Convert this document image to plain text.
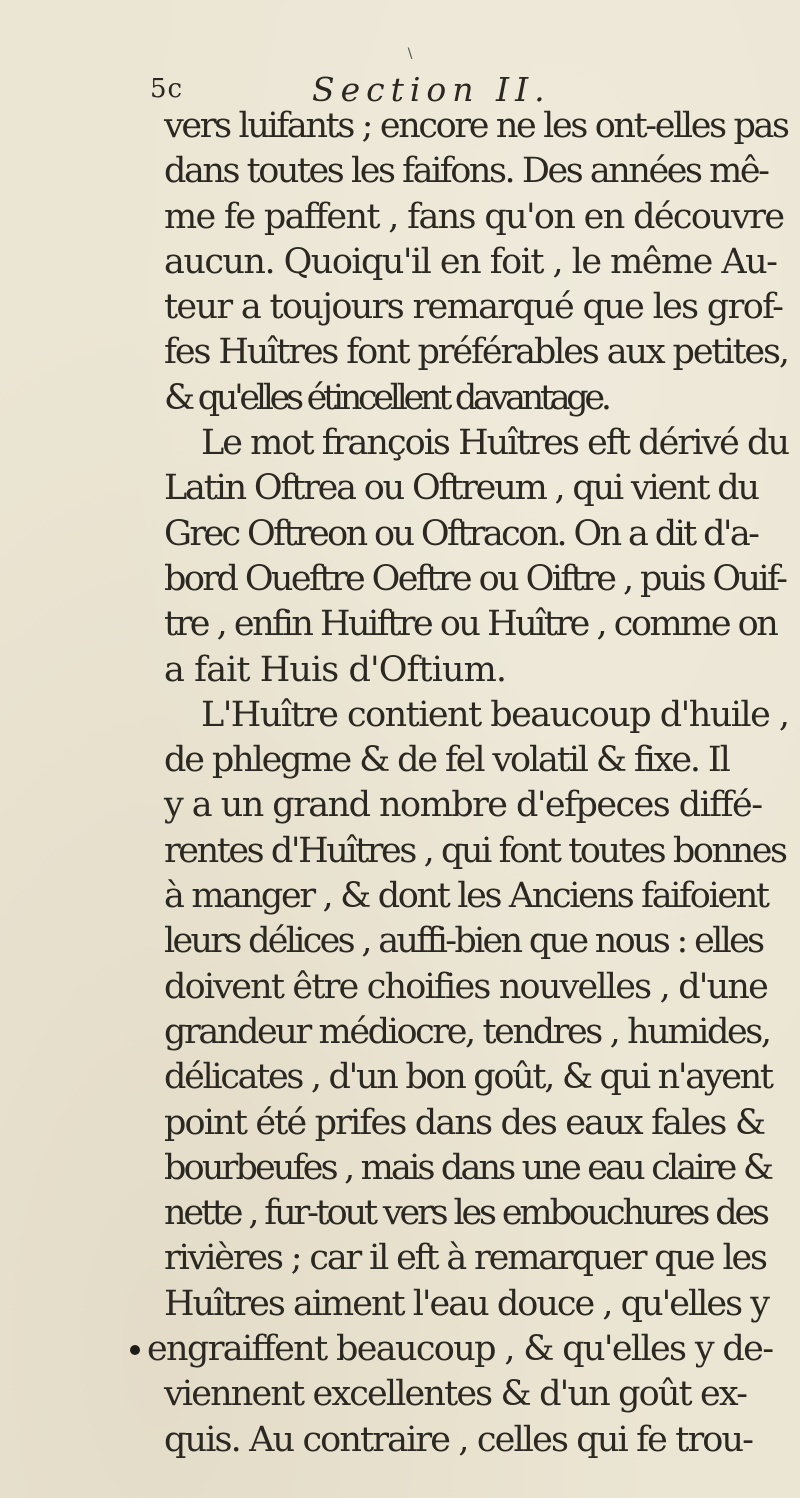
∖
5c	Section II.
vers luifants ; encore ne les ont-elles pas
dans toutes les faifons. Des années mê-
me fe paffent , fans qu'on en découvre
aucun. Quoiqu'il en foit , le même Au-
teur a toujours remarqué que les grof-
fes Huîtres font préférables aux petites,
& qu'elles étincellent davantage.
Le mot françois Huîtres eft dérivé du
Latin Oftrea ou Oftreum , qui vient du
Grec Oftreon ou Oftracon. On a dit d'a-
bord Oueftre Oeftre ou Oiftre , puis Ouif-
tre , enfin Huiftre ou Huître , comme on
a fait Huis d'Oftium.
L'Huître contient beaucoup d'huile ,
de phlegme & de fel volatil & fixe. Il
y a un grand nombre d'efpeces diffé-
rentes d'Huîtres , qui font toutes bonnes
à manger , & dont les Anciens faifoient
leurs délices , auffi-bien que nous : elles
doivent être choifies nouvelles , d'une
grandeur médiocre, tendres , humides,
délicates , d'un bon goût, & qui n'ayent
point été prifes dans des eaux fales &
bourbeufes , mais dans une eau claire &
nette , fur-tout vers les embouchures des
rivières ; car il eft à remarquer que les
Huîtres aiment l'eau douce , qu'elles y
engraiffent beaucoup , & qu'elles y de-
viennent excellentes & d'un goût ex-
quis. Au contraire , celles qui fe trou-
